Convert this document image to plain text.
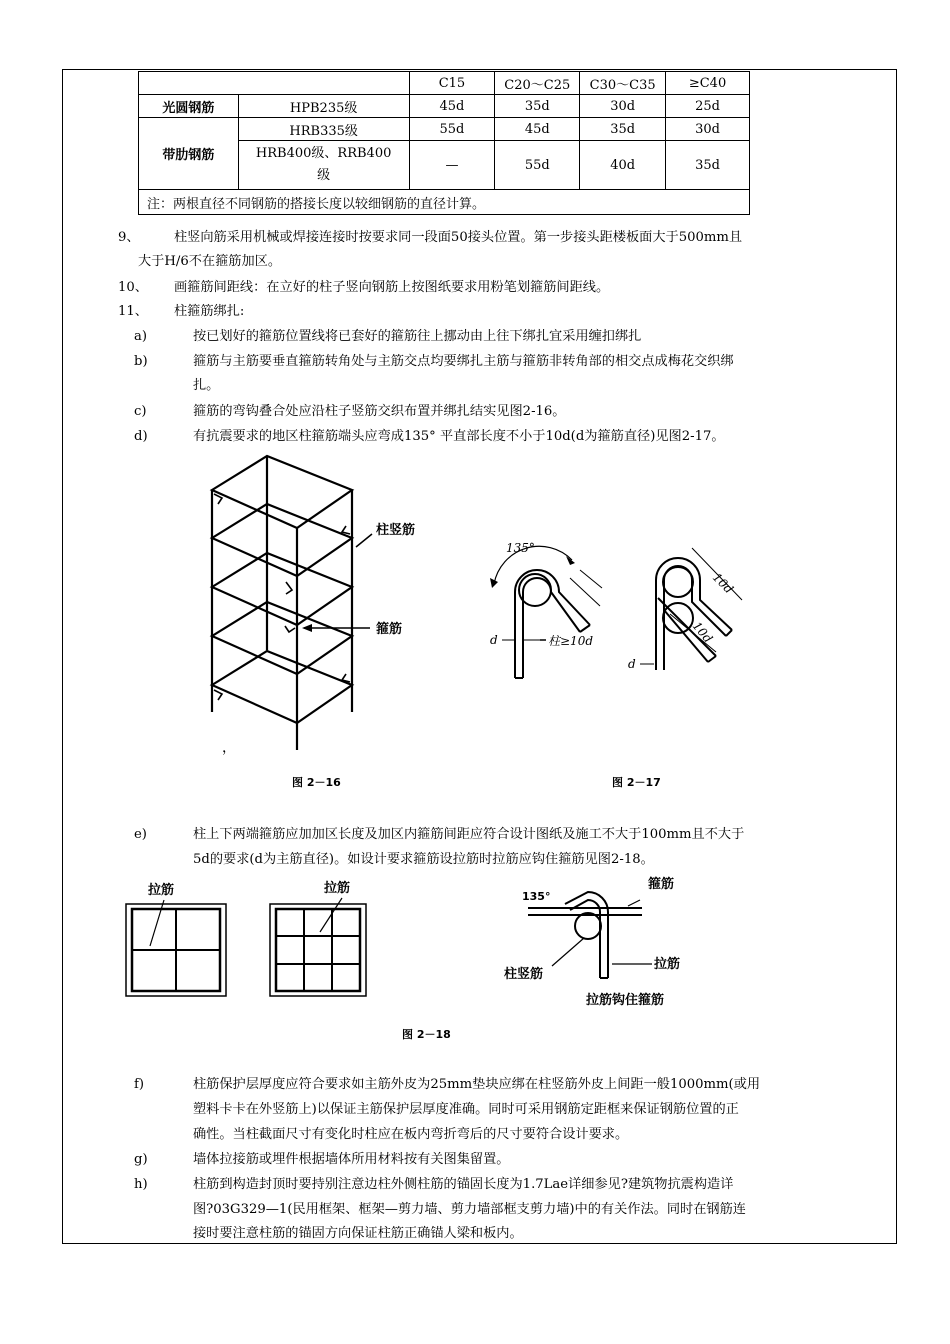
		C15	C20～C25	C30～C35	≥C40
光圆钢筋	HPB235级	45d	35d	30d	25d
带肋钢筋	HRB335级	55d	45d	35d	30d
	HRB400级、RRB400级	—	55d	40d	35d
注：两根直径不同钢筋的搭接长度以较细钢筋的直径计算。					
9、	柱竖向筋采用机械或焊接连接时按要求同一段面50接头位置。第一步接头距楼板面大于500mm且
大于H/6不在箍筋加区。
10、 画箍筋间距线：在立好的柱子竖向钢筋上按图纸要求用粉笔划箍筋间距线。
11、 柱箍筋绑扎:
a)	按已划好的箍筋位置线将已套好的箍筋往上挪动由上往下绑扎宜采用缠扣绑扎
b)	箍筋与主筋要垂直箍筋转角处与主筋交点均要绑扎主筋与箍筋非转角部的相交点成梅花交织绑
扎。
c)	箍筋的弯钩叠合处应沿柱子竖筋交织布置并绑扎结实见图2-16。
d)	有抗震要求的地区柱箍筋端头应弯成135° 平直部长度不小于10d(d为箍筋直径)见图2-17。
柱竖筋
箍筋
，
图 2－16
135°
d	柱≥10d
10d
10d
d
图 2－17
e)	柱上下两端箍筋应加加区长度及加区内箍筋间距应符合设计图纸及施工不大于100mm且不大于
5d的要求(d为主筋直径)。如设计要求箍筋设拉筋时拉筋应钩住箍筋见图2-18。
拉筋	拉筋
135°
箍筋
柱竖筋
拉筋
拉筋钩住箍筋
图 2－18
f)	柱筋保护层厚度应符合要求如主筋外皮为25mm垫块应绑在柱竖筋外皮上间距一般1000mm(或用
塑料卡卡在外竖筋上)以保证主筋保护层厚度准确。同时可采用钢筋定距框来保证钢筋位置的正
确性。当柱截面尺寸有变化时柱应在板内弯折弯后的尺寸要符合设计要求。
g)	墙体拉接筋或埋件根据墙体所用材料按有关图集留置。
h)	柱筋到构造封顶时要持别注意边柱外侧柱筋的锚固长度为1.7Lae详细参见?建筑物抗震构造详
图?03G329—1(民用框架、框架—剪力墙、剪力墙部框支剪力墙)中的有关作法。同时在钢筋连
接时要注意柱筋的锚固方向保证柱筋正确锚人梁和板内。
